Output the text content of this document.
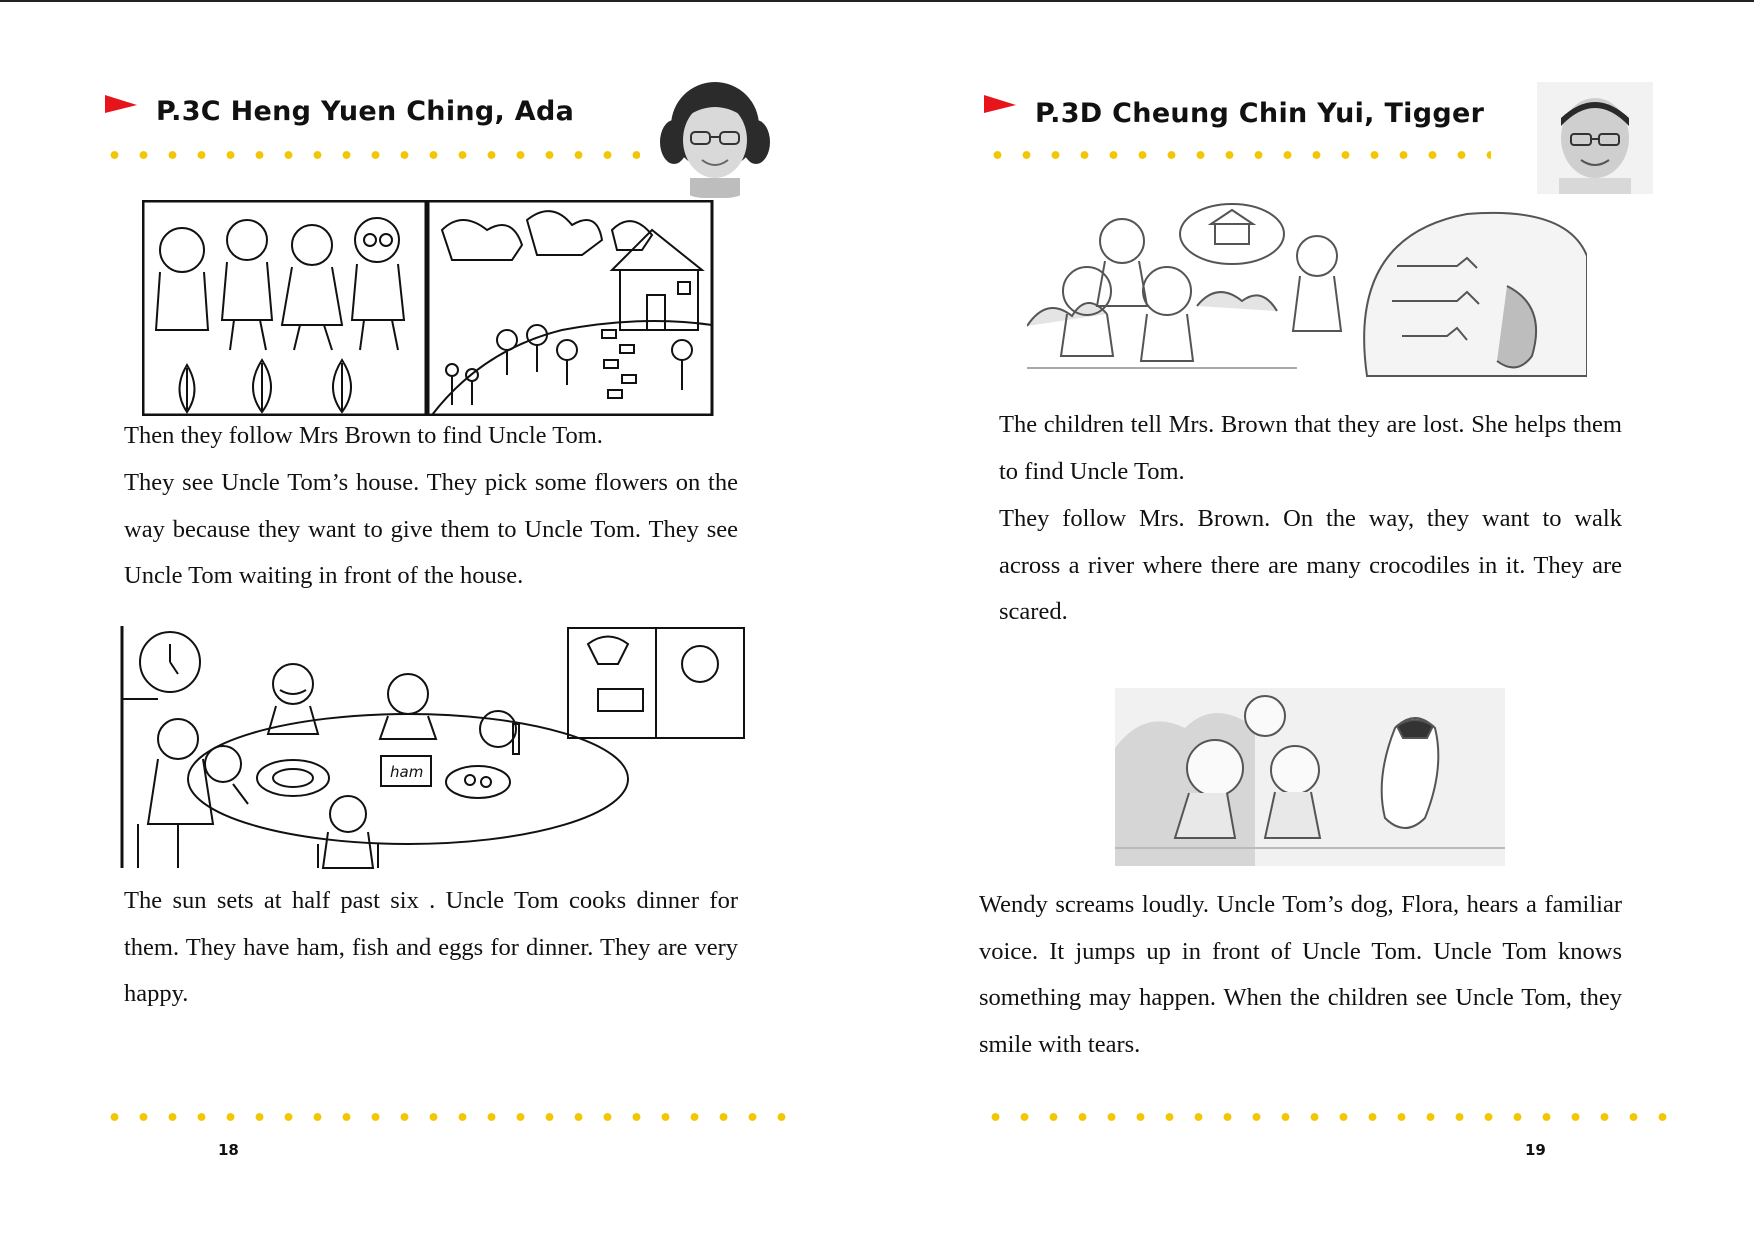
P.3C Heng Yuen Ching, Ada

Then they follow Mrs Brown to find Uncle Tom.

They see Uncle Tom’s house. They pick some flowers on the way because they want to give them to Uncle Tom. They see Uncle Tom waiting in front of the house.

ham

The sun sets at half past six . Uncle Tom cooks dinner for them. They have ham, fish and eggs for dinner. They are very happy.

18

P.3D Cheung Chin Yui, Tigger

The children tell Mrs. Brown that they are lost. She helps them to find Uncle Tom.

They follow Mrs. Brown. On the way, they want to walk across a river where there are many crocodiles in it. They are scared.

Wendy screams loudly. Uncle Tom’s dog, Flora, hears a familiar voice. It jumps up in front of Uncle Tom. Uncle Tom knows something may happen. When the children see Uncle Tom, they smile with tears.

19
